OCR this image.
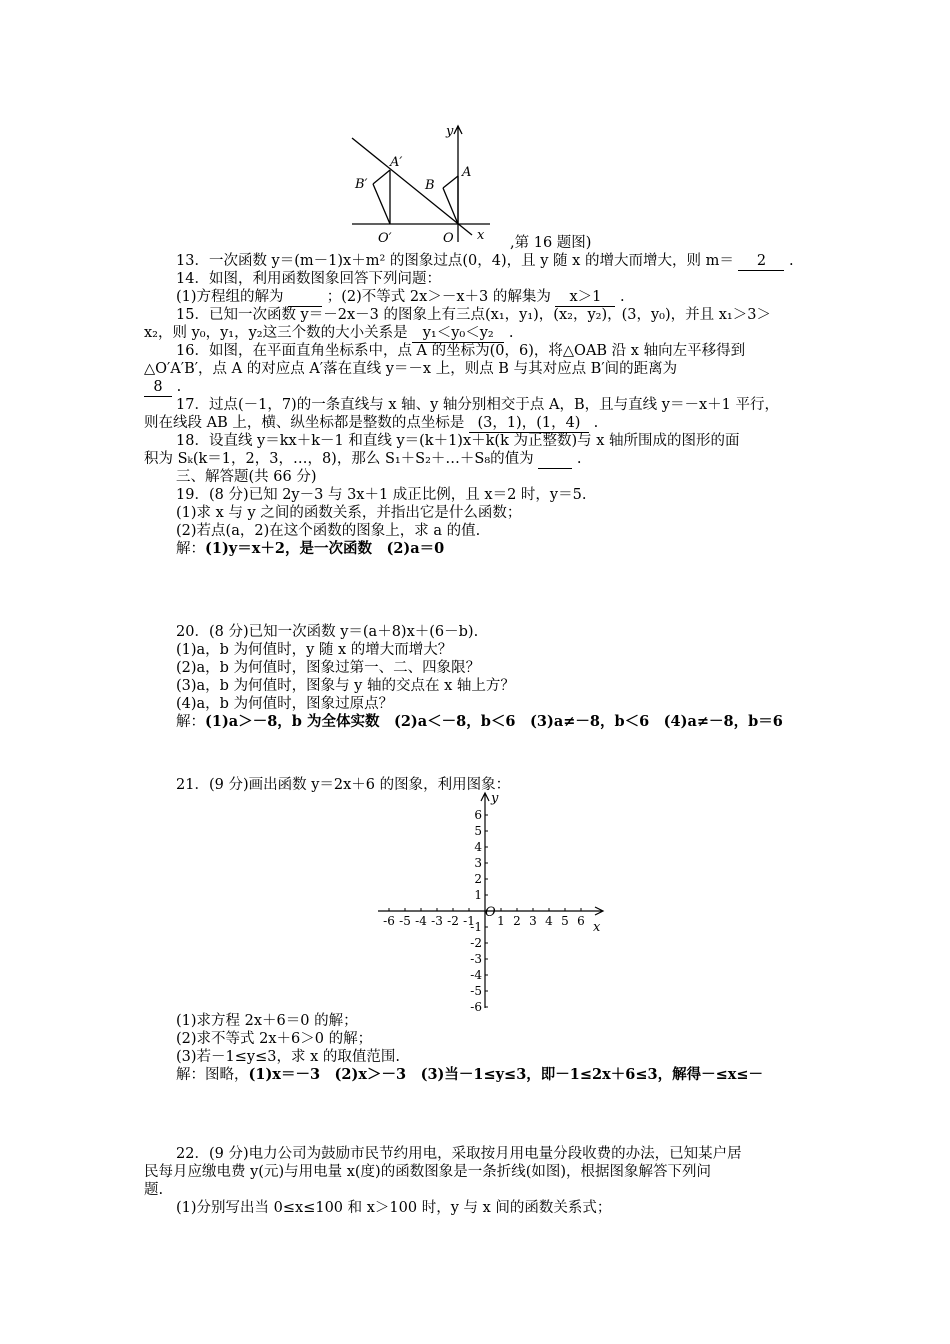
y
x
O
O′
A
B
A′
B′
,第 16 题图)
13．一次函数 y＝(m－1)x＋m² 的图象过点(0，4)，且 y 随 x 的增大而增大，则 m＝ 2 .
14．如图，利用函数图象回答下列问题：
(1)方程组的解为	；(2)不等式 2x＞－x＋3 的解集为 x＞1 .
15．已知一次函数 y＝－2x－3 的图象上有三点(x₁，y₁)，(x₂，y₂)，(3，y₀)，并且 x₁＞3＞
x₂，则 y₀，y₁，y₂这三个数的大小关系是 y₁＜y₀＜y₂ .
16．如图，在平面直角坐标系中，点 A 的坐标为(0，6)，将△OAB 沿 x 轴向左平移得到
△O′A′B′，点 A 的对应点 A′落在直线 y＝－x 上，则点 B 与其对应点 B′间的距离为
8 .
17．过点(－1，7)的一条直线与 x 轴、y 轴分别相交于点 A，B，且与直线 y＝－x＋1 平行，
则在线段 AB 上，横、纵坐标都是整数的点坐标是 (3，1)，(1，4) .
18．设直线 y＝kx＋k－1 和直线 y＝(k＋1)x＋k(k 为正整数)与 x 轴所围成的图形的面
积为 Sₖ(k＝1，2，3，…，8)，那么 S₁＋S₂＋…＋S₈的值为	.
三、解答题(共 66 分)
19．(8 分)已知 2y－3 与 3x＋1 成正比例，且 x＝2 时，y＝5.
(1)求 x 与 y 之间的函数关系，并指出它是什么函数；
(2)若点(a，2)在这个函数的图象上，求 a 的值.
解：(1)y＝x＋2，是一次函数　(2)a＝0
20．(8 分)已知一次函数 y＝(a＋8)x＋(6－b).
(1)a，b 为何值时，y 随 x 的增大而增大？
(2)a，b 为何值时，图象过第一、二、四象限？
(3)a，b 为何值时，图象与 y 轴的交点在 x 轴上方？
(4)a，b 为何值时，图象过原点？
解：(1)a＞－8，b 为全体实数　(2)a＜－8，b＜6　(3)a≠－8，b＜6　(4)a≠－8，b＝6
21．(9 分)画出函数 y＝2x＋6 的图象，利用图象：
-6 -5 -4 -3 -2 -1 1 2 3 4 5 6
6
5
4
3
2
1
-1
-2
-3
-4
-5
-6
y
x
O
(1)求方程 2x＋6＝0 的解；
(2)求不等式 2x＋6＞0 的解；
(3)若－1≤y≤3，求 x 的取值范围.
解：图略，(1)x＝－3　(2)x＞－3　(3)当－1≤y≤3，即－1≤2x＋6≤3，解得－≤x≤－
22．(9 分)电力公司为鼓励市民节约用电，采取按月用电量分段收费的办法，已知某户居
民每月应缴电费 y(元)与用电量 x(度)的函数图象是一条折线(如图)，根据图象解答下列问
题.
(1)分别写出当 0≤x≤100 和 x＞100 时，y 与 x 间的函数关系式；
